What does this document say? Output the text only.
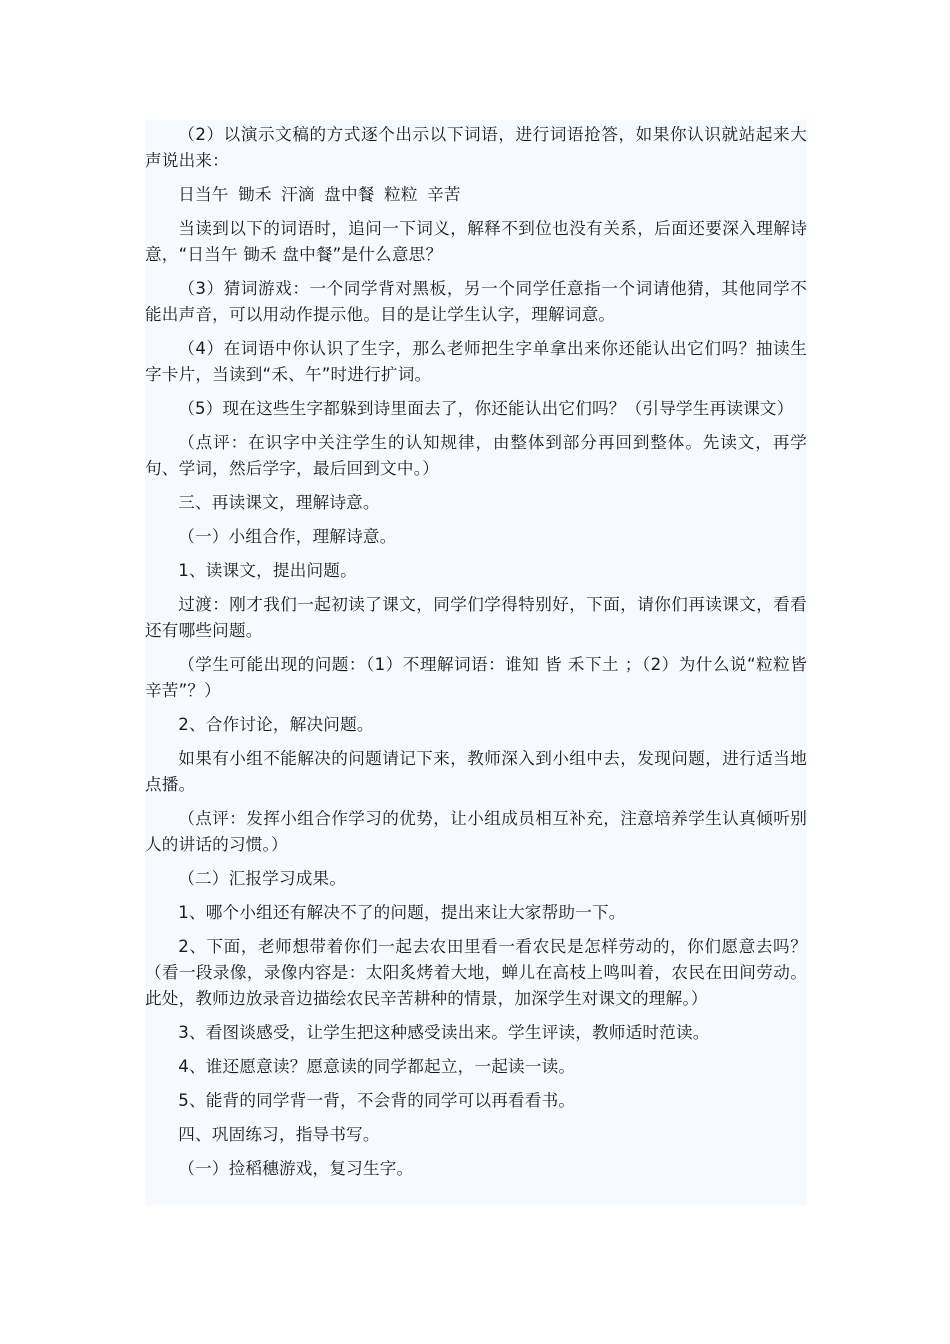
（2）以演示文稿的方式逐个出示以下词语，进行词语抢答，如果你认识就站起来大声说出来：

日当午 锄禾 汗滴 盘中餐 粒粒 辛苦

当读到以下的词语时，追问一下词义，解释不到位也没有关系，后面还要深入理解诗意，“日当午 锄禾 盘中餐”是什么意思？

（3）猜词游戏：一个同学背对黑板，另一个同学任意指一个词请他猜，其他同学不能出声音，可以用动作提示他。目的是让学生认字，理解词意。

（4）在词语中你认识了生字，那么老师把生字单拿出来你还能认出它们吗？抽读生字卡片，当读到“禾、午”时进行扩词。

（5）现在这些生字都躲到诗里面去了，你还能认出它们吗？（引导学生再读课文）

（点评：在识字中关注学生的认知规律，由整体到部分再回到整体。先读文，再学句、学词，然后学字，最后回到文中。）

三、再读课文，理解诗意。

（一）小组合作，理解诗意。

1、读课文，提出问题。

过渡：刚才我们一起初读了课文，同学们学得特别好，下面，请你们再读课文，看看还有哪些问题。

（学生可能出现的问题：（1）不理解词语：谁知 皆 禾下土 ；（2）为什么说“粒粒皆辛苦”？）

2、合作讨论，解决问题。

如果有小组不能解决的问题请记下来，教师深入到小组中去，发现问题，进行适当地点播。

（点评：发挥小组合作学习的优势，让小组成员相互补充，注意培养学生认真倾听别人的讲话的习惯。）

（二）汇报学习成果。

1、哪个小组还有解决不了的问题，提出来让大家帮助一下。

2、下面，老师想带着你们一起去农田里看一看农民是怎样劳动的，你们愿意去吗？（看一段录像，录像内容是：太阳炙烤着大地，蝉儿在高枝上鸣叫着，农民在田间劳动。此处，教师边放录音边描绘农民辛苦耕种的情景，加深学生对课文的理解。）

3、看图谈感受，让学生把这种感受读出来。学生评读，教师适时范读。

4、谁还愿意读？愿意读的同学都起立，一起读一读。

5、能背的同学背一背，不会背的同学可以再看看书。

四、巩固练习，指导书写。

（一）捡稻穗游戏，复习生字。
